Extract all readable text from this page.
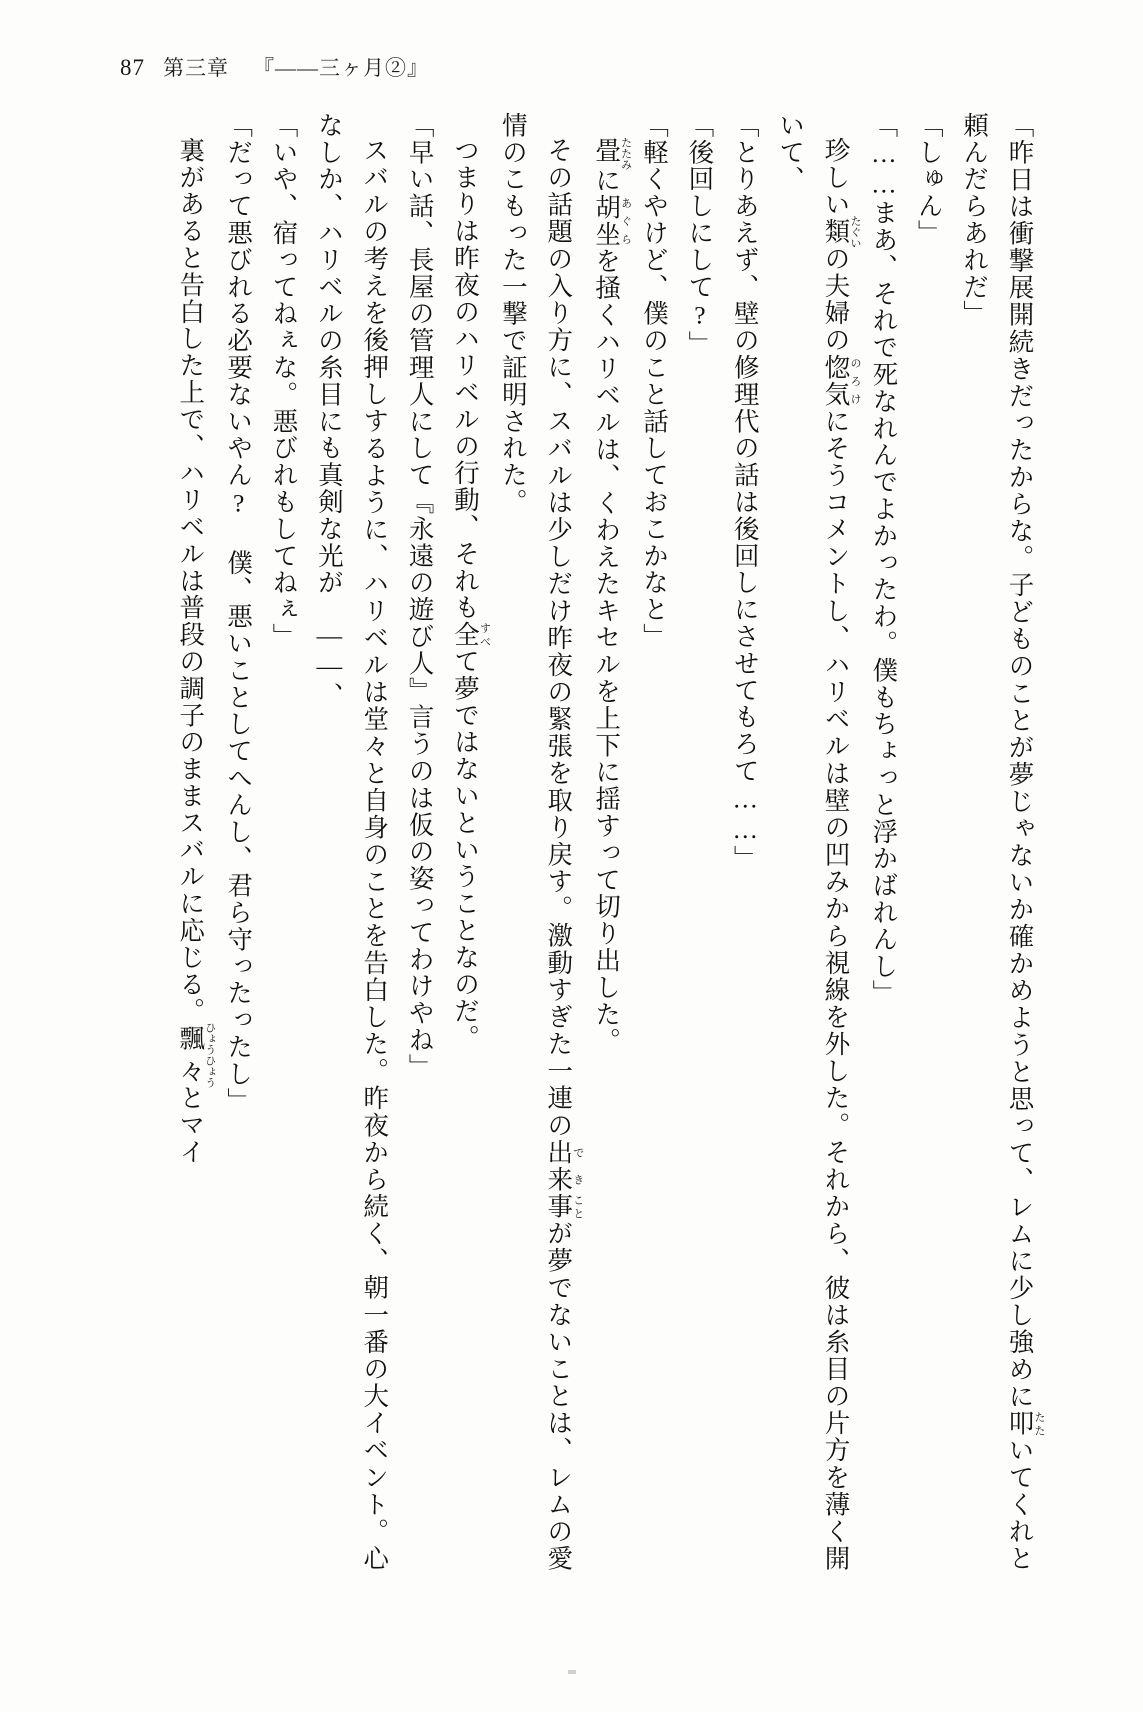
87 第三章 『――三ヶ月②』

「昨日は衝撃展開続きだったからな。子どものことが夢じゃないか確かめようと思って、レムに少し強めに叩たたいてくれと頼んだらあれだ」

「しゅん」

「……まあ、それで死なれんでよかったわ。僕もちょっと浮かばれんし」

珍しい類たぐいの夫婦の惚気のろけにそうコメントし、ハリベルは壁の凹みから視線を外した。それから、彼は糸目の片方を薄く開いて、

「とりあえず、壁の修理代の話は後回しにさせてもろて……」

「後回しにして?」

「軽くやけど、僕のこと話しておこかなと」

畳たたみに胡坐あぐらを掻くハリベルは、くわえたキセルを上下に揺すって切り出した。

その話題の入り方に、スバルは少しだけ昨夜の緊張を取り戻す。激動すぎた一連の出来でき事ことが夢でないことは、レムの愛情のこもった一撃で証明された。

つまりは昨夜のハリベルの行動、それも全すべて夢ではないということなのだ。

「早い話、長屋の管理人にして『永遠の遊び人』言うのは仮の姿ってわけやね」

スバルの考えを後押しするように、ハリベルは堂々と自身のことを告白した。昨夜から続く、朝一番の大イベント。心なしか、ハリベルの糸目にも真剣な光が――、

「いや、宿ってねぇな。悪びれもしてねぇ」

「だって悪びれる必要ないやん? 僕、悪いことしてへんし、君ら守ったったし」

裏があると告白した上で、ハリベルは普段の調子のままスバルに応じる。飄々ひょうひょうとマイ
